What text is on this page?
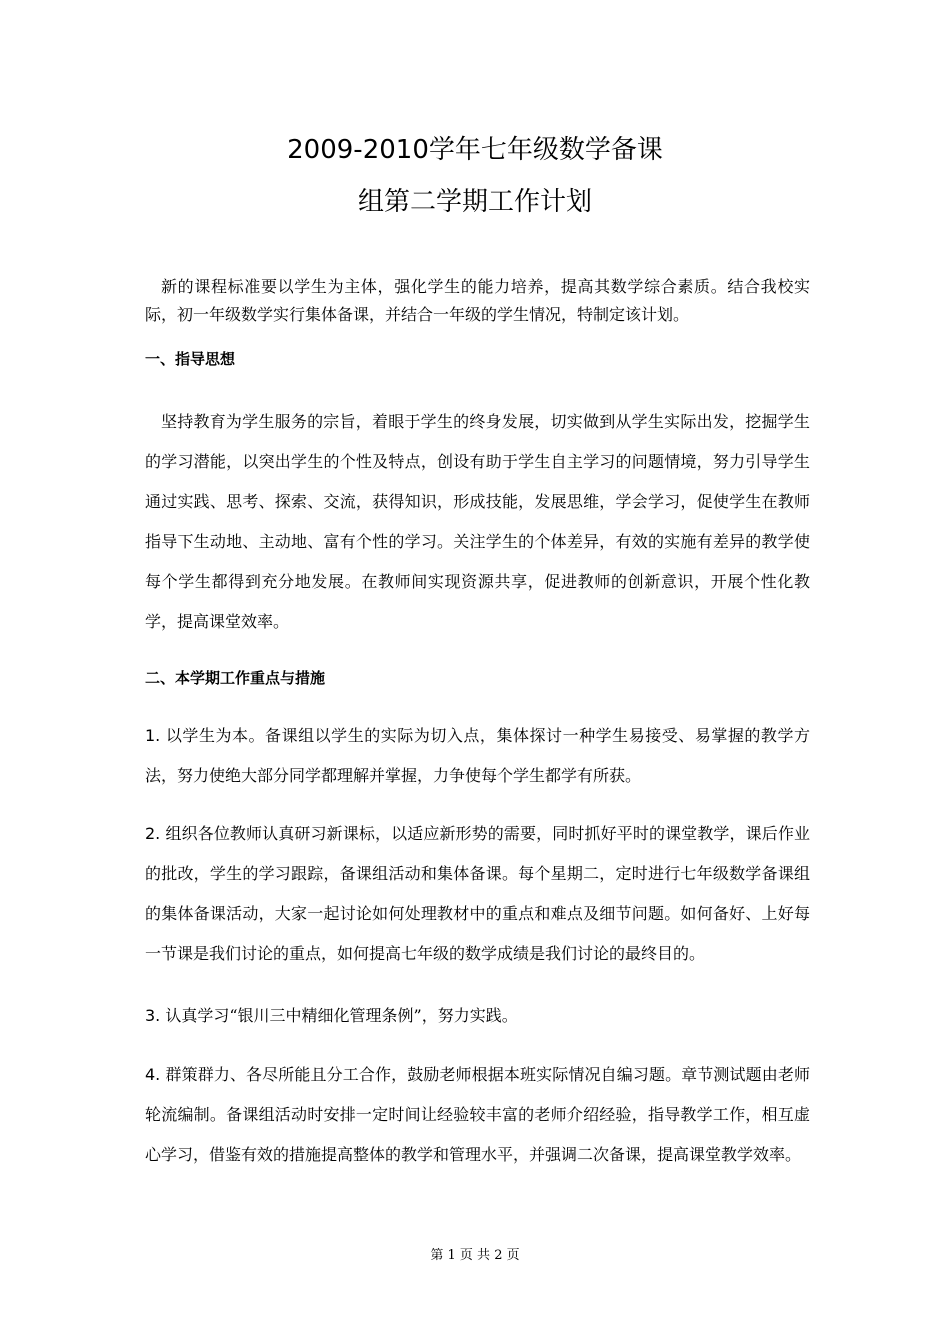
2009-2010学年七年级数学备课
组第二学期工作计划
新的课程标准要以学生为主体，强化学生的能力培养，提高其数学综合素质。结合我校实际，初一年级数学实行集体备课，并结合一年级的学生情况，特制定该计划。
一、指导思想
坚持教育为学生服务的宗旨，着眼于学生的终身发展，切实做到从学生实际出发，挖掘学生的学习潜能，以突出学生的个性及特点，创设有助于学生自主学习的问题情境，努力引导学生通过实践、思考、探索、交流，获得知识，形成技能，发展思维，学会学习，促使学生在教师指导下生动地、主动地、富有个性的学习。关注学生的个体差异，有效的实施有差异的教学使每个学生都得到充分地发展。在教师间实现资源共享，促进教师的创新意识，开展个性化教学，提高课堂效率。
二、本学期工作重点与措施
1. 以学生为本。备课组以学生的实际为切入点，集体探讨一种学生易接受、易掌握的教学方法，努力使绝大部分同学都理解并掌握，力争使每个学生都学有所获。
2. 组织各位教师认真研习新课标，以适应新形势的需要，同时抓好平时的课堂教学，课后作业的批改，学生的学习跟踪，备课组活动和集体备课。每个星期二，定时进行七年级数学备课组的集体备课活动，大家一起讨论如何处理教材中的重点和难点及细节问题。如何备好、上好每一节课是我们讨论的重点，如何提高七年级的数学成绩是我们讨论的最终目的。
3. 认真学习“银川三中精细化管理条例”，努力实践。
4. 群策群力、各尽所能且分工合作，鼓励老师根据本班实际情况自编习题。章节测试题由老师轮流编制。备课组活动时安排一定时间让经验较丰富的老师介绍经验，指导教学工作，相互虚心学习，借鉴有效的措施提高整体的教学和管理水平，并强调二次备课，提高课堂教学效率。
第 1 页 共 2 页
